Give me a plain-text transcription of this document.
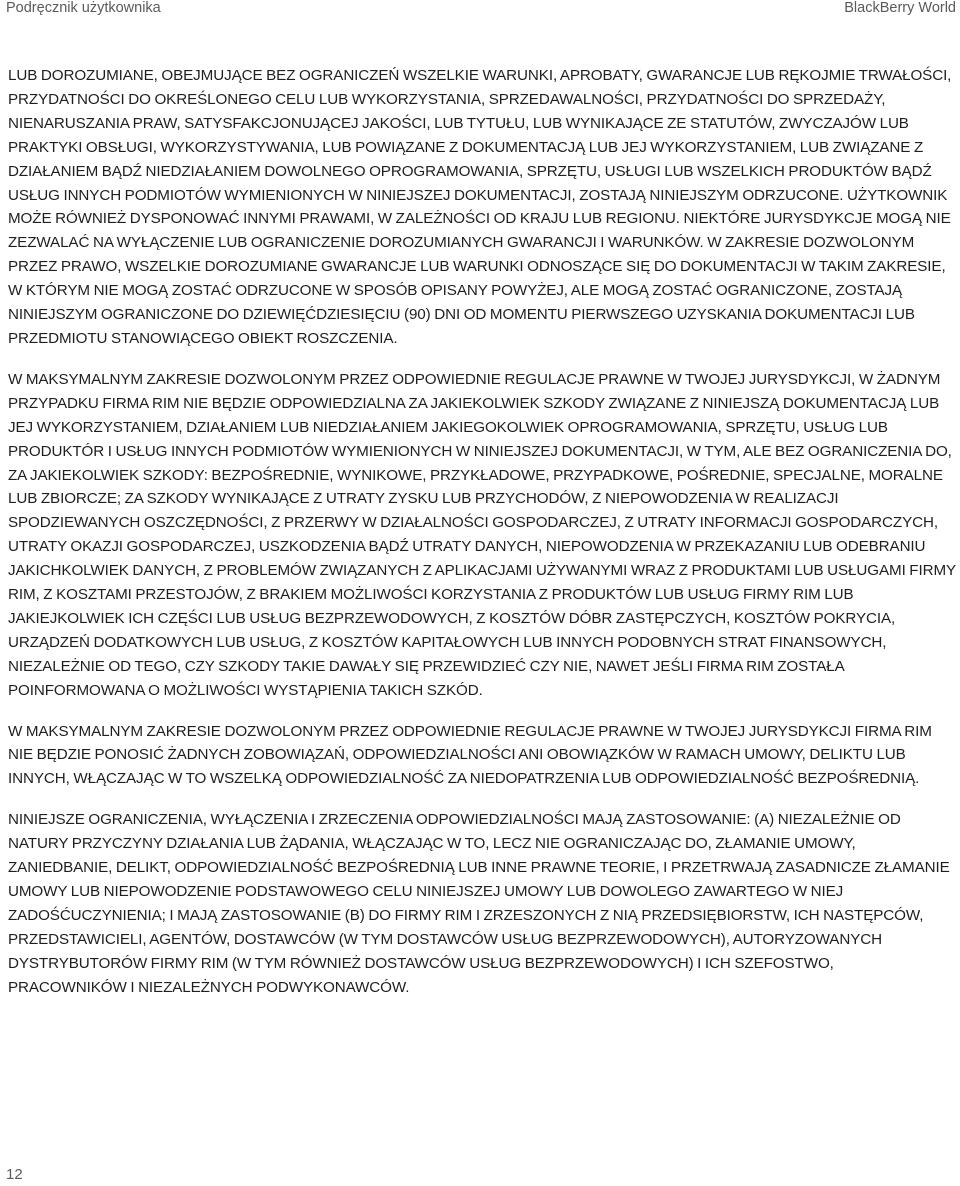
Podręcznik użytkownika	BlackBerry World

LUB DOROZUMIANE, OBEJMUJĄCE BEZ OGRANICZEŃ WSZELKIE WARUNKI, APROBATY, GWARANCJE LUB RĘKOJMIE TRWAŁOŚCI, PRZYDATNOŚCI DO OKREŚLONEGO CELU LUB WYKORZYSTANIA, SPRZEDAWALNOŚCI, PRZYDATNOŚCI DO SPRZEDAŻY, NIENARUSZANIA PRAW, SATYSFAKCJONUJĄCEJ JAKOŚCI, LUB TYTUŁU, LUB WYNIKAJĄCE ZE STATUTÓW, ZWYCZAJÓW LUB PRAKTYKI OBSŁUGI, WYKORZYSTYWANIA, LUB POWIĄZANE Z DOKUMENTACJĄ LUB JEJ WYKORZYSTANIEM, LUB ZWIĄZANE Z DZIAŁANIEM BĄDŹ NIEDZIAŁANIEM DOWOLNEGO OPROGRAMOWANIA, SPRZĘTU, USŁUGI LUB WSZELKICH PRODUKTÓW BĄDŹ USŁUG INNYCH PODMIOTÓW WYMIENIONYCH W NINIEJSZEJ DOKUMENTACJI, ZOSTAJĄ NINIEJSZYM ODRZUCONE. UŻYTKOWNIK MOŻE RÓWNIEŻ DYSPONOWAĆ INNYMI PRAWAMI, W ZALEŻNOŚCI OD KRAJU LUB REGIONU. NIEKTÓRE JURYSDYKCJE MOGĄ NIE ZEZWALAĆ NA WYŁĄCZENIE LUB OGRANICZENIE DOROZUMIANYCH GWARANCJI I WARUNKÓW. W ZAKRESIE DOZWOLONYM PRZEZ PRAWO, WSZELKIE DOROZUMIANE GWARANCJE LUB WARUNKI ODNOSZĄCE SIĘ DO DOKUMENTACJI W TAKIM ZAKRESIE, W KTÓRYM NIE MOGĄ ZOSTAĆ ODRZUCONE W SPOSÓB OPISANY POWYŻEJ, ALE MOGĄ ZOSTAĆ OGRANICZONE, ZOSTAJĄ NINIEJSZYM OGRANICZONE DO DZIEWIĘĆDZIESIĘCIU (90) DNI OD MOMENTU PIERWSZEGO UZYSKANIA DOKUMENTACJI LUB PRZEDMIOTU STANOWIĄCEGO OBIEKT ROSZCZENIA.

W MAKSYMALNYM ZAKRESIE DOZWOLONYM PRZEZ ODPOWIEDNIE REGULACJE PRAWNE W TWOJEJ JURYSDYKCJI, W ŻADNYM PRZYPADKU FIRMA RIM NIE BĘDZIE ODPOWIEDZIALNA ZA JAKIEKOLWIEK SZKODY ZWIĄZANE Z NINIEJSZĄ DOKUMENTACJĄ LUB JEJ WYKORZYSTANIEM, DZIAŁANIEM LUB NIEDZIAŁANIEM JAKIEGOKOLWIEK OPROGRAMOWANIA, SPRZĘTU, USŁUG LUB PRODUKTÓR I USŁUG INNYCH PODMIOTÓW WYMIENIONYCH W NINIEJSZEJ DOKUMENTACJI, W TYM, ALE BEZ OGRANICZENIA DO, ZA JAKIEKOLWIEK SZKODY: BEZPOŚREDNIE, WYNIKOWE, PRZYKŁADOWE, PRZYPADKOWE, POŚREDNIE, SPECJALNE, MORALNE LUB ZBIORCZE; ZA SZKODY WYNIKAJĄCE Z UTRATY ZYSKU LUB PRZYCHODÓW, Z NIEPOWODZENIA W REALIZACJI SPODZIEWANYCH OSZCZĘDNOŚCI, Z PRZERWY W DZIAŁALNOŚCI GOSPODARCZEJ, Z UTRATY INFORMACJI GOSPODARCZYCH, UTRATY OKAZJI GOSPODARCZEJ, USZKODZENIA BĄDŹ UTRATY DANYCH, NIEPOWODZENIA W PRZEKAZANIU LUB ODEBRANIU JAKICHKOLWIEK DANYCH, Z PROBLEMÓW ZWIĄZANYCH Z APLIKACJAMI UŻYWANYMI WRAZ Z PRODUKTAMI LUB USŁUGAMI FIRMY RIM, Z KOSZTAMI PRZESTOJÓW, Z BRAKIEM MOŻLIWOŚCI KORZYSTANIA Z PRODUKTÓW LUB USŁUG FIRMY RIM LUB JAKIEJKOLWIEK ICH CZĘŚCI LUB USŁUG BEZPRZEWODOWYCH, Z KOSZTÓW DÓBR ZASTĘPCZYCH, KOSZTÓW POKRYCIA, URZĄDZEŃ DODATKOWYCH LUB USŁUG, Z KOSZTÓW KAPITAŁOWYCH LUB INNYCH PODOBNYCH STRAT FINANSOWYCH, NIEZALEŻNIE OD TEGO, CZY SZKODY TAKIE DAWAŁY SIĘ PRZEWIDZIEĆ CZY NIE, NAWET JEŚLI FIRMA RIM ZOSTAŁA POINFORMOWANA O MOŻLIWOŚCI WYSTĄPIENIA TAKICH SZKÓD.

W MAKSYMALNYM ZAKRESIE DOZWOLONYM PRZEZ ODPOWIEDNIE REGULACJE PRAWNE W TWOJEJ JURYSDYKCJI FIRMA RIM NIE BĘDZIE PONOSIĆ ŻADNYCH ZOBOWIĄZAŃ, ODPOWIEDZIALNOŚCI ANI OBOWIĄZKÓW W RAMACH UMOWY, DELIKTU LUB INNYCH, WŁĄCZAJĄC W TO WSZELKĄ ODPOWIEDZIALNOŚĆ ZA NIEDOPATRZENIA LUB ODPOWIEDZIALNOŚĆ BEZPOŚREDNIĄ.

NINIEJSZE OGRANICZENIA, WYŁĄCZENIA I ZRZECZENIA ODPOWIEDZIALNOŚCI MAJĄ ZASTOSOWANIE: (A) NIEZALEŻNIE OD NATURY PRZYCZYNY DZIAŁANIA LUB ŻĄDANIA, WŁĄCZAJĄC W TO, LECZ NIE OGRANICZAJĄC DO, ZŁAMANIE UMOWY, ZANIEDBANIE, DELIKT, ODPOWIEDZIALNOŚĆ BEZPOŚREDNIĄ LUB INNE PRAWNE TEORIE, I PRZETRWAJĄ ZASADNICZE ZŁAMANIE UMOWY LUB NIEPOWODZENIE PODSTAWOWEGO CELU NINIEJSZEJ UMOWY LUB DOWOLEGO ZAWARTEGO W NIEJ ZADOŚĆUCZYNIENIA; I MAJĄ ZASTOSOWANIE (B) DO FIRMY RIM I ZRZESZONYCH Z NIĄ PRZEDSIĘBIORSTW, ICH NASTĘPCÓW, PRZEDSTAWICIELI, AGENTÓW, DOSTAWCÓW (W TYM DOSTAWCÓW USŁUG BEZPRZEWODOWYCH), AUTORYZOWANYCH DYSTRYBUTORÓW FIRMY RIM (W TYM RÓWNIEŻ DOSTAWCÓW USŁUG BEZPRZEWODOWYCH) I ICH SZEFOSTWO, PRACOWNIKÓW I NIEZALEŻNYCH PODWYKONAWCÓW.

12
